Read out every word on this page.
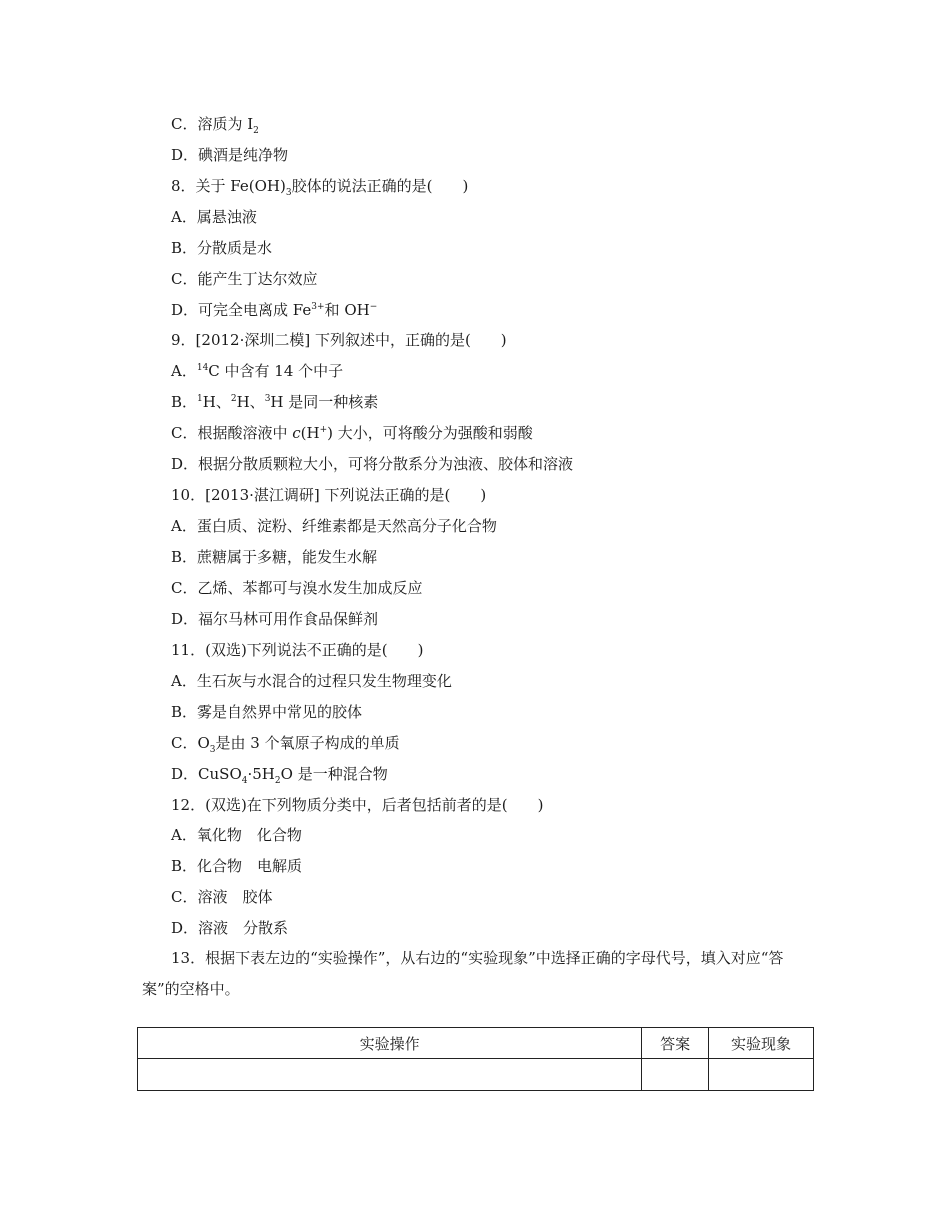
C．溶质为 $I_2$
D．碘酒是纯净物
8．关于 $Fe(OH)_3$胶体的说法正确的是(　　)
A．属悬浊液
B．分散质是水
C．能产生丁达尔效应
D．可完全电离成 $Fe^{3+}$和 OH−
9．[2012·深圳二模] 下列叙述中，正确的是(　　)
A．$^{14}$C 中含有 14 个中子
B．$^1$H、$^2$H、$^3$H 是同一种核素
C．根据酸溶液中 c(H+) 大小，可将酸分为强酸和弱酸
D．根据分散质颗粒大小，可将分散系分为浊液、胶体和溶液
10．[2013·湛江调研] 下列说法正确的是(　　)
A．蛋白质、淀粉、纤维素都是天然高分子化合物
B．蔗糖属于多糖，能发生水解
C．乙烯、苯都可与溴水发生加成反应
D．福尔马林可用作食品保鲜剂
11．(双选)下列说法不正确的是(　　)
A．生石灰与水混合的过程只发生物理变化
B．雾是自然界中常见的胶体
C．$O_3$是由 3 个氧原子构成的单质
D．$CuSO_4\cdot 5H_2O$ 是一种混合物
12．(双选)在下列物质分类中，后者包括前者的是(　　)
A．氧化物　化合物
B．化合物　电解质
C．溶液　胶体
D．溶液　分散系
13．根据下表左边的“实验操作”，从右边的“实验现象”中选择正确的字母代号，填入对应“答案”的空格中。
实验操作	答案	实验现象
